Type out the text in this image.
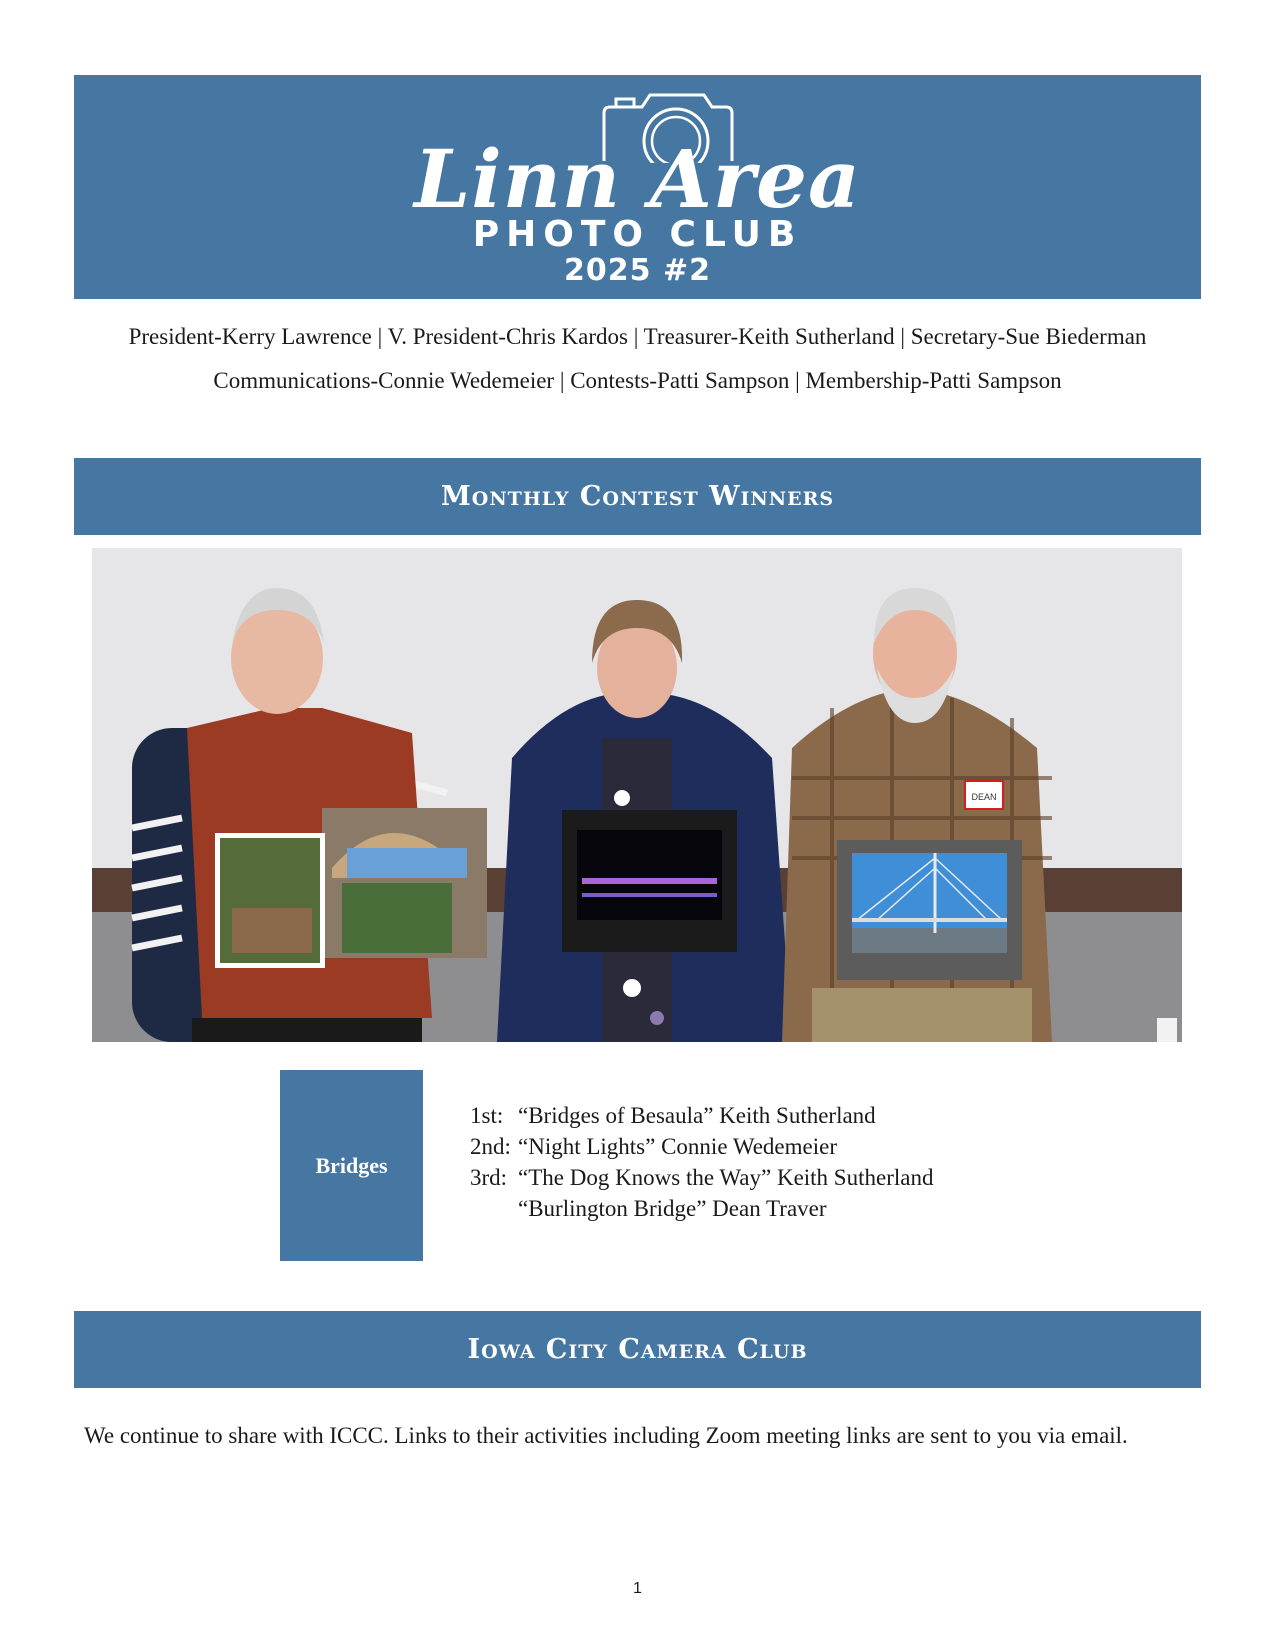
Linn Area
PHOTO CLUB
2025 #2
President-Kerry Lawrence | V. President-Chris Kardos | Treasurer-Keith Sutherland | Secretary-Sue Biederman
Communications-Connie Wedemeier | Contests-Patti Sampson | Membership-Patti Sampson
Monthly Contest Winners
DEAN
Bridges
1st: “Bridges of Besaula” Keith Sutherland
2nd: “Night Lights” Connie Wedemeier
3rd: “The Dog Knows the Way” Keith Sutherland
“Burlington Bridge” Dean Traver
Iowa City Camera Club
We continue to share with ICCC. Links to their activities including Zoom meeting links are sent to you via email.
1
